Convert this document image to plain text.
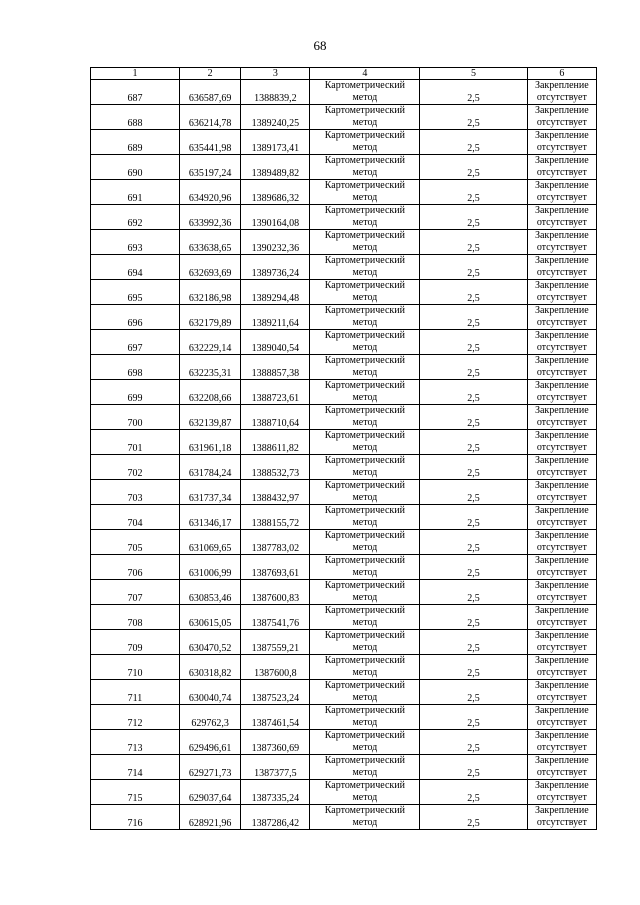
68
1	2	3	4	5	6
687	636587,69	1388839,2	Картометрический метод	2,5	Закрепление отсутствует
688	636214,78	1389240,25	Картометрический метод	2,5	Закрепление отсутствует
689	635441,98	1389173,41	Картометрический метод	2,5	Закрепление отсутствует
690	635197,24	1389489,82	Картометрический метод	2,5	Закрепление отсутствует
691	634920,96	1389686,32	Картометрический метод	2,5	Закрепление отсутствует
692	633992,36	1390164,08	Картометрический метод	2,5	Закрепление отсутствует
693	633638,65	1390232,36	Картометрический метод	2,5	Закрепление отсутствует
694	632693,69	1389736,24	Картометрический метод	2,5	Закрепление отсутствует
695	632186,98	1389294,48	Картометрический метод	2,5	Закрепление отсутствует
696	632179,89	1389211,64	Картометрический метод	2,5	Закрепление отсутствует
697	632229,14	1389040,54	Картометрический метод	2,5	Закрепление отсутствует
698	632235,31	1388857,38	Картометрический метод	2,5	Закрепление отсутствует
699	632208,66	1388723,61	Картометрический метод	2,5	Закрепление отсутствует
700	632139,87	1388710,64	Картометрический метод	2,5	Закрепление отсутствует
701	631961,18	1388611,82	Картометрический метод	2,5	Закрепление отсутствует
702	631784,24	1388532,73	Картометрический метод	2,5	Закрепление отсутствует
703	631737,34	1388432,97	Картометрический метод	2,5	Закрепление отсутствует
704	631346,17	1388155,72	Картометрический метод	2,5	Закрепление отсутствует
705	631069,65	1387783,02	Картометрический метод	2,5	Закрепление отсутствует
706	631006,99	1387693,61	Картометрический метод	2,5	Закрепление отсутствует
707	630853,46	1387600,83	Картометрический метод	2,5	Закрепление отсутствует
708	630615,05	1387541,76	Картометрический метод	2,5	Закрепление отсутствует
709	630470,52	1387559,21	Картометрический метод	2,5	Закрепление отсутствует
710	630318,82	1387600,8	Картометрический метод	2,5	Закрепление отсутствует
711	630040,74	1387523,24	Картометрический метод	2,5	Закрепление отсутствует
712	629762,3	1387461,54	Картометрический метод	2,5	Закрепление отсутствует
713	629496,61	1387360,69	Картометрический метод	2,5	Закрепление отсутствует
714	629271,73	1387377,5	Картометрический метод	2,5	Закрепление отсутствует
715	629037,64	1387335,24	Картометрический метод	2,5	Закрепление отсутствует
716	628921,96	1387286,42	Картометрический метод	2,5	Закрепление отсутствует
